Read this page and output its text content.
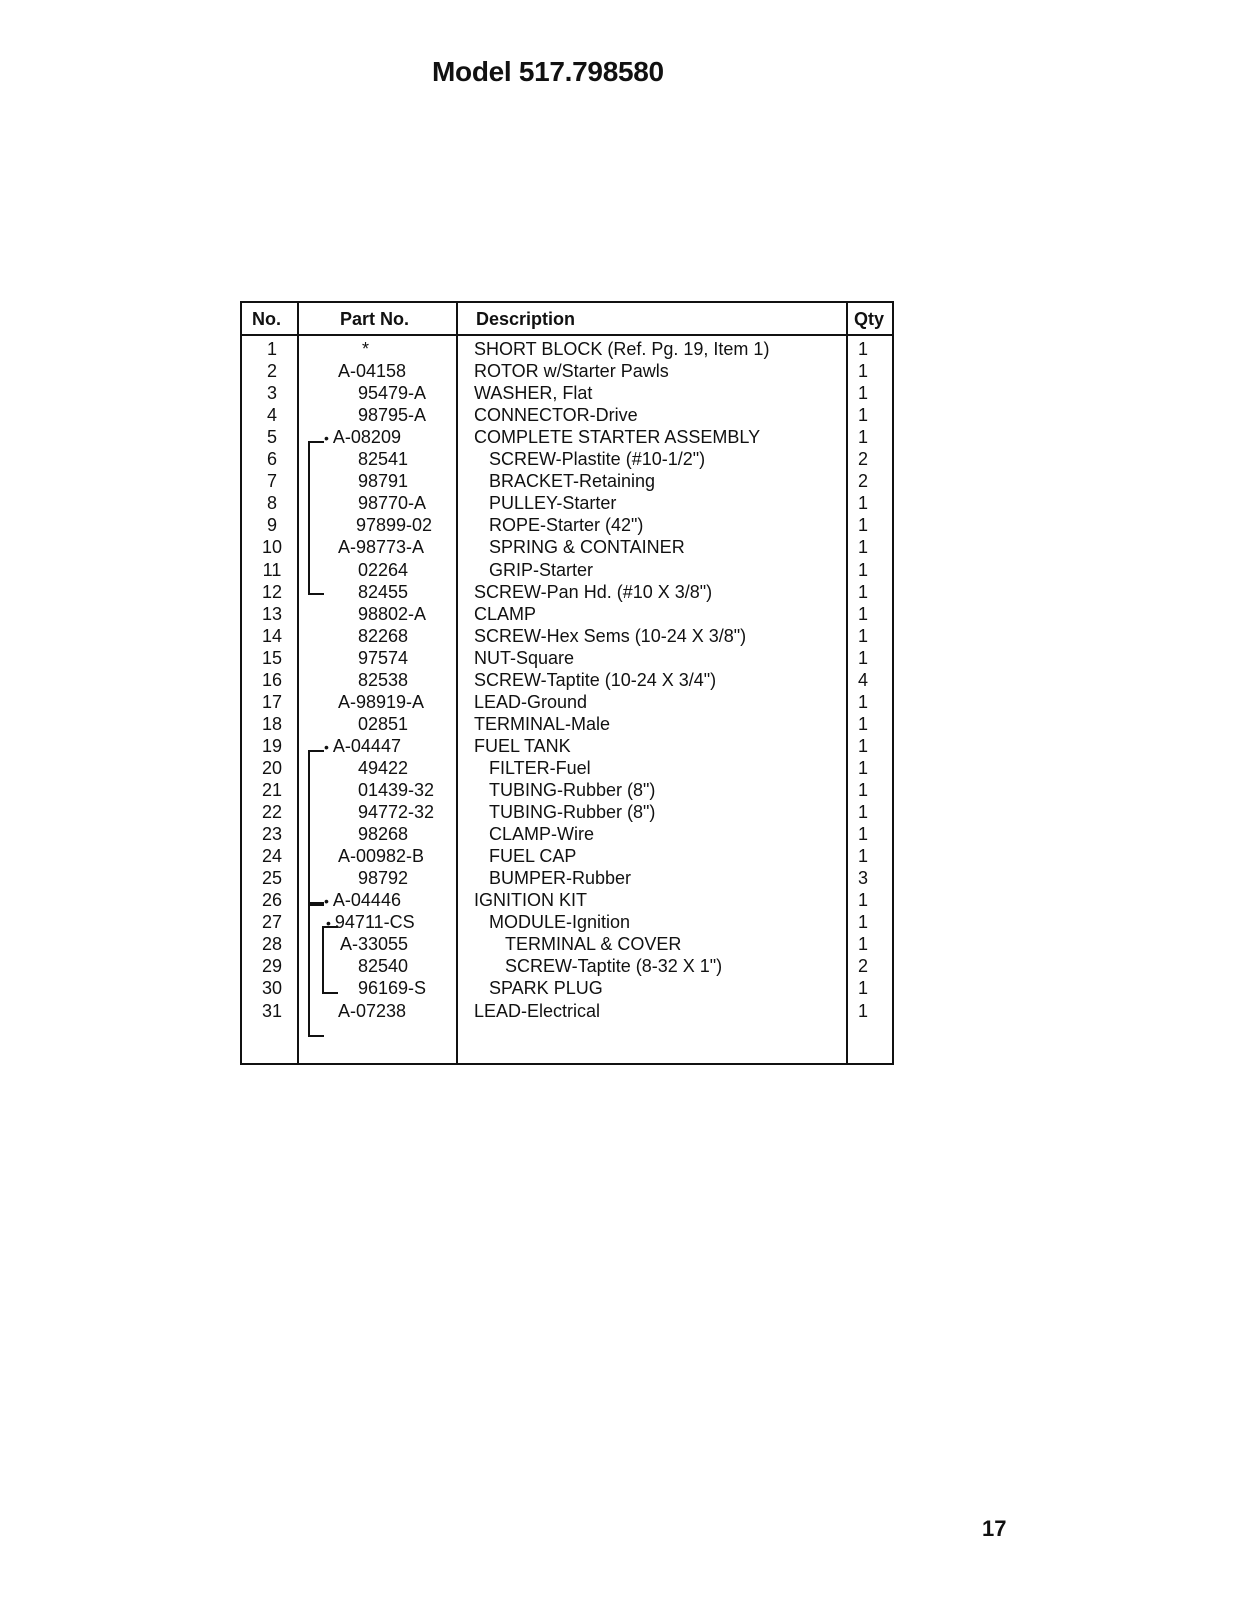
Model 517.798580
No.	Part No.	Description	Qty
1	*	SHORT BLOCK (Ref. Pg. 19, Item 1)	1
2	A-04158	ROTOR w/Starter Pawls	1
3	95479-A	WASHER, Flat	1
4	98795-A	CONNECTOR-Drive	1
5	• A-08209	COMPLETE STARTER ASSEMBLY	1
6	82541	SCREW-Plastite (#10-1/2")	2
7	98791	BRACKET-Retaining	2
8	98770-A	PULLEY-Starter	1
9	97899-02	ROPE-Starter (42")	1
10	A-98773-A	SPRING & CONTAINER	1
11	02264	GRIP-Starter	1
12	82455	SCREW-Pan Hd. (#10 X 3/8")	1
13	98802-A	CLAMP	1
14	82268	SCREW-Hex Sems (10-24 X 3/8")	1
15	97574	NUT-Square	1
16	82538	SCREW-Taptite (10-24 X 3/4")	4
17	A-98919-A	LEAD-Ground	1
18	02851	TERMINAL-Male	1
19	• A-04447	FUEL TANK	1
20	49422	FILTER-Fuel	1
21	01439-32	TUBING-Rubber (8")	1
22	94772-32	TUBING-Rubber (8")	1
23	98268	CLAMP-Wire	1
24	A-00982-B	FUEL CAP	1
25	98792	BUMPER-Rubber	3
26	• A-04446	IGNITION KIT	1
27	• 94711-CS	MODULE-Ignition	1
28	A-33055	TERMINAL & COVER	1
29	82540	SCREW-Taptite (8-32 X 1")	2
30	96169-S	SPARK PLUG	1
31	A-07238	LEAD-Electrical	1
17
